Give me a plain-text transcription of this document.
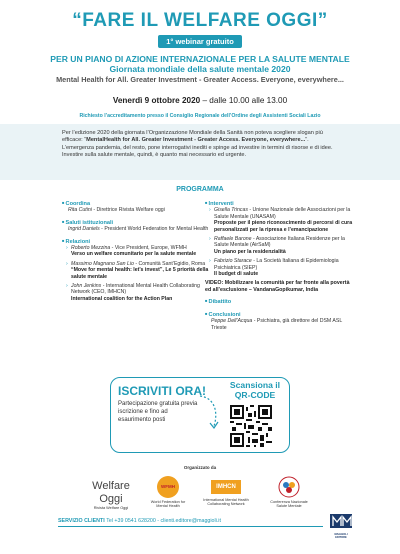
“FARE IL WELFARE OGGI”
1° webinar gratuito
PER UN PIANO DI AZIONE INTERNAZIONALE PER LA SALUTE MENTALE
Giornata mondiale della salute mentale 2020
Mental Health for All. Greater Investment - Greater Access. Everyone, everywhere...
Venerdì 9 ottobre 2020 – dalle 10.00 alle 13.00
Richiesto l’accreditamento presso il Consiglio Regionale dell’Ordine degli Assistenti Sociali Lazio
Per l’edizione 2020 della giornata l’Organizzazione Mondiale della Sanità non poteva scegliere slogan più efficace: “MentalHealth for All. Greater Investment - Greater Access. Everyone, everywhere...”. L’emergenza pandemia, del resto, pone interrogativi inediti e spinge ad investire in termini di risorse e di idee. Investire sulla salute mentale, quindi, è quanto mai necessario ed urgente.
PROGRAMMA
■ Coordina
Rita Cutini - Direttrice Rivista Welfare oggi
■ Saluti istituzionali
Ingrid Daniels - President World Federation for Mental Health
■ Relazioni
› Roberto Mezzina - Vice President, Europe, WFMH
Verso un welfare comunitario per la salute mentale
› Massimo Magnano San Lio - Comunità Sant’Egidio, Roma
“Move for mental health: let’s invest”, Le 5 priorità della salute mentale
› John Jenkins - International Mental Health Collaborating Network (CEO, IMHCN)
International coalition for the Action Plan
■ Interventi
› Gisella Trincas - Unione Nazionale delle Associazioni per la Salute Mentale (UNASAM)
Proposte per il pieno riconoscimento di percorsi di cura personalizzati per la ripresa e l’emancipazione
› Raffaele Barone - Associazione Italiana Residenze per la Salute Mentale (AirSaM)
Un piano per la residenzialità
› Fabrizio Starace - La Società Italiana di Epidemiologia Psichiatrica (SIEP)
Il budget di salute
VIDEO: Mobilizzare la comunità per far fronte alla povertà ed all’esclusione – VandanaGopikumar, India
■ Dibattito
■ Conclusioni
Peppe Dell’Acqua - Psichiatra, già direttore del DSM ASL Trieste
ISCRIVITI ORA!
Partecipazione gratuita previa iscrizione e fino ad esaurimento posti
Scansiona il QR-CODE
Organizzato da
Welfare Oggi
Rivista Welfare Oggi
WFMH
World Federation for Mental Health
IMHCN
International Mental Health Collaborating Network
Conferenza Nazionale Salute Mentale
SERVIZIO CLIENTI Tel +39 0541 628200 - clienti.editore@maggioli.it
MAGGIOLI EDITORE
